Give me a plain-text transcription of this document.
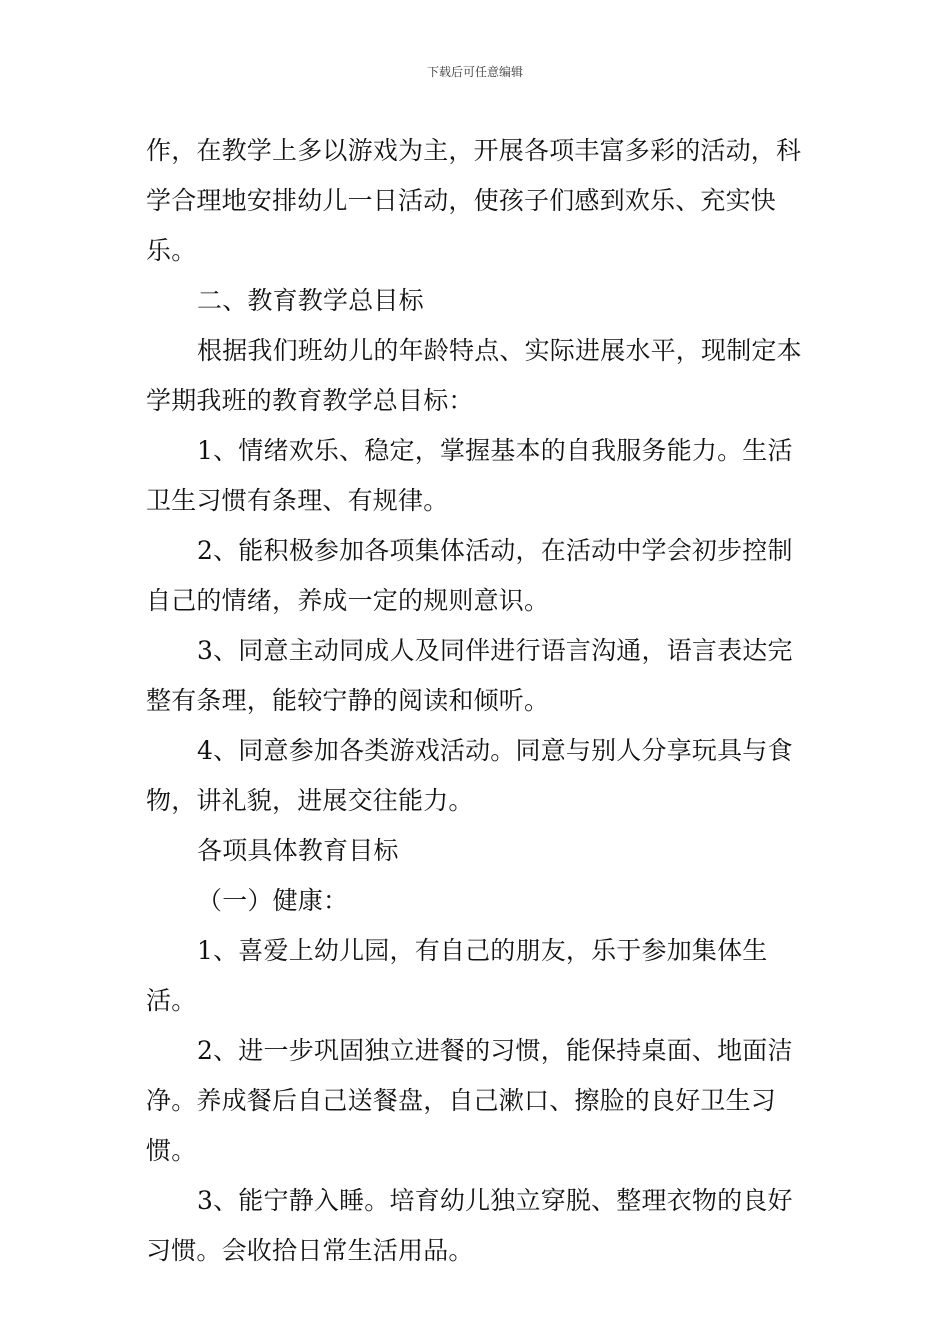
下载后可任意编辑

作，在教学上多以游戏为主，开展各项丰富多彩的活动，科学合理地安排幼儿一日活动，使孩子们感到欢乐、充实快乐。

二、教育教学总目标

根据我们班幼儿的年龄特点、实际进展水平，现制定本学期我班的教育教学总目标：

1、情绪欢乐、稳定，掌握基本的自我服务能力。生活卫生习惯有条理、有规律。

2、能积极参加各项集体活动，在活动中学会初步控制自己的情绪，养成一定的规则意识。

3、同意主动同成人及同伴进行语言沟通，语言表达完整有条理，能较宁静的阅读和倾听。

4、同意参加各类游戏活动。同意与别人分享玩具与食物，讲礼貌，进展交往能力。

各项具体教育目标

（一）健康：

1、喜爱上幼儿园，有自己的朋友，乐于参加集体生活。

2、进一步巩固独立进餐的习惯，能保持桌面、地面洁净。养成餐后自己送餐盘，自己漱口、擦脸的良好卫生习惯。

3、能宁静入睡。培育幼儿独立穿脱、整理衣物的良好习惯。会收拾日常生活用品。
